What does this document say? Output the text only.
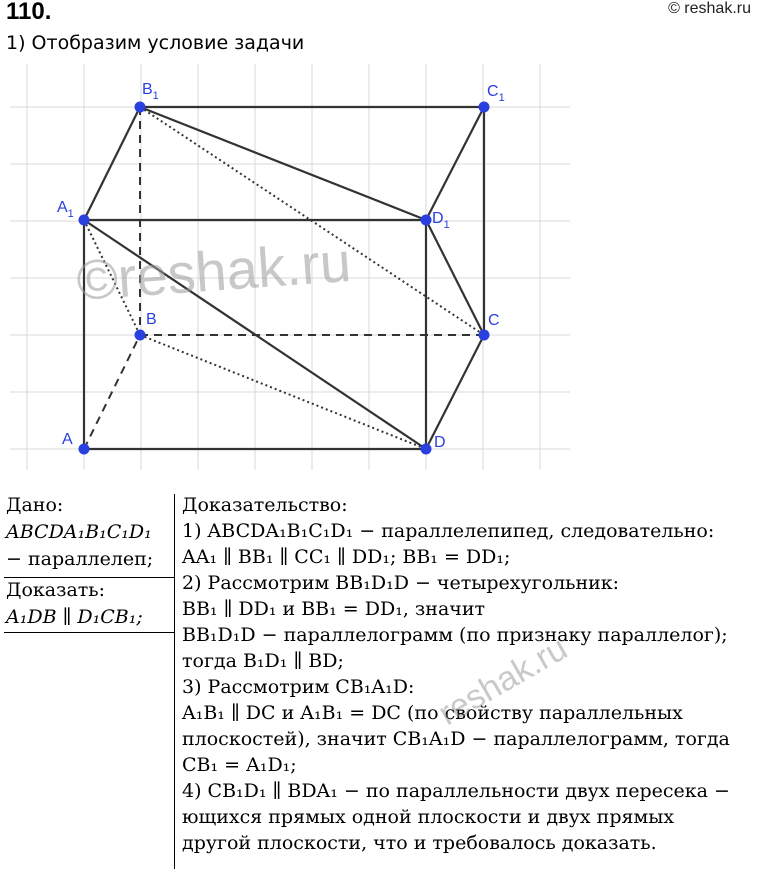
110.	© reshak.ru
1) Отобразим условие задачи
©reshak.ru
A
B	C
D
$A_1$
$B_1$	$C_1$
$D_1$
Дано:
ABCDA₁B₁C₁D₁
− параллелеп;
Доказать:
A₁DB ∥ D₁CB₁;
Доказательство:
1) ABCDA₁B₁C₁D₁ − параллелепипед, следовательно:
AA₁ ∥ BB₁ ∥ CC₁ ∥ DD₁; BB₁ = DD₁;
2) Рассмотрим BB₁D₁D − четырехугольник:
BB₁ ∥ DD₁ и BB₁ = DD₁, значит
BB₁D₁D − параллелограмм (по признаку параллелог);
тогда B₁D₁ ∥ BD;
3) Рассмотрим CB₁A₁D:
A₁B₁ ∥ DC и A₁B₁ = DC (по свойству параллельных
плоскостей), значит CB₁A₁D − параллелограмм, тогда
CB₁ = A₁D₁;
4) CB₁D₁ ∥ BDA₁ − по параллельности двух пересека −
ющихся прямых одной плоскости и двух прямых
другой плоскости, что и требовалось доказать.
reshak.ru
